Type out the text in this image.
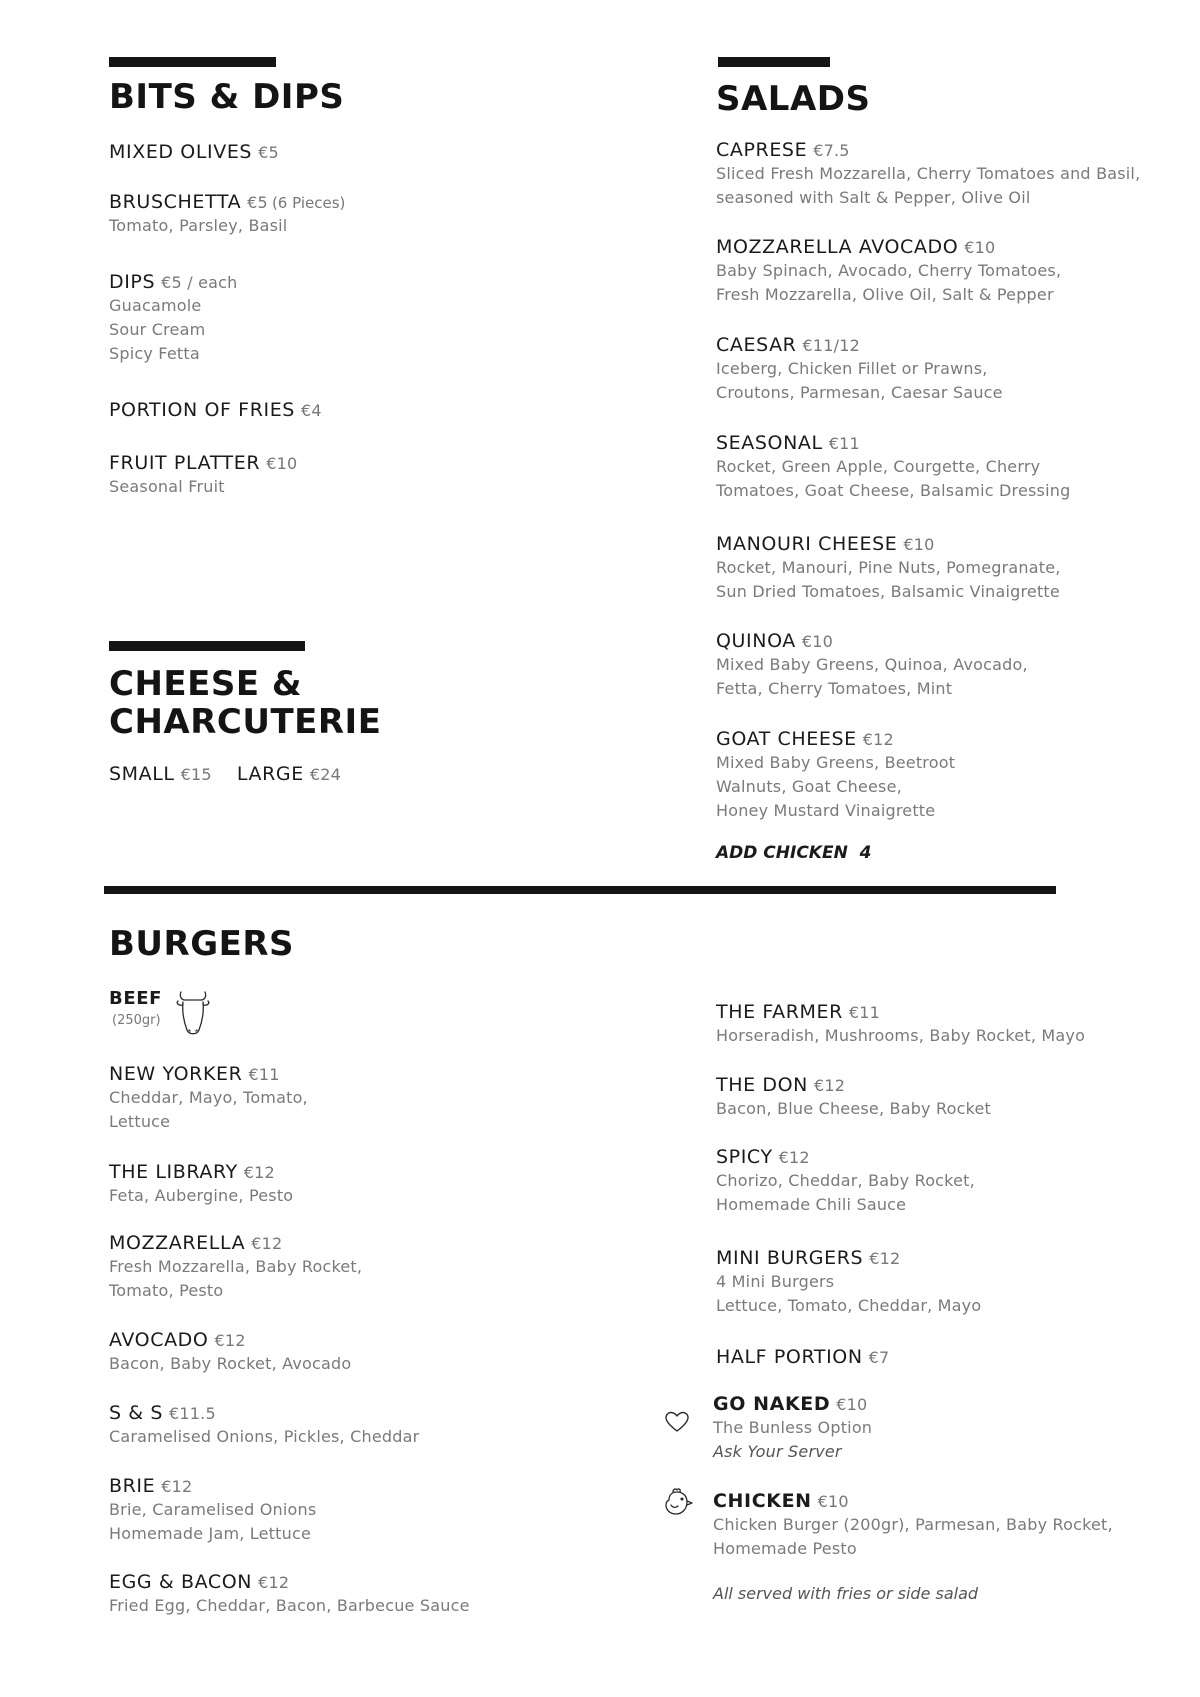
BITS & DIPS
MIXED OLIVES €5
BRUSCHETTA €5 (6 Pieces)
Tomato, Parsley, Basil
DIPS €5 / each
Guacamole
Sour Cream
Spicy Fetta
PORTION OF FRIES €4
FRUIT PLATTER €10
Seasonal Fruit
CHEESE &
CHARCUTERIE
SMALL €15 LARGE €24
SALADS
CAPRESE €7.5
Sliced Fresh Mozzarella, Cherry Tomatoes and Basil,
seasoned with Salt & Pepper, Olive Oil
MOZZARELLA AVOCADO €10
Baby Spinach, Avocado, Cherry Tomatoes,
Fresh Mozzarella, Olive Oil, Salt & Pepper
CAESAR €11/12
Iceberg, Chicken Fillet or Prawns,
Croutons, Parmesan, Caesar Sauce
SEASONAL €11
Rocket, Green Apple, Courgette, Cherry
Tomatoes, Goat Cheese, Balsamic Dressing
MANOURI CHEESE €10
Rocket, Manouri, Pine Nuts, Pomegranate,
Sun Dried Tomatoes, Balsamic Vinaigrette
QUINOA €10
Mixed Baby Greens, Quinoa, Avocado,
Fetta, Cherry Tomatoes, Mint
GOAT CHEESE €12
Mixed Baby Greens, Beetroot
Walnuts, Goat Cheese,
Honey Mustard Vinaigrette
ADD CHICKEN  4
BURGERS
BEEF
(250gr)
NEW YORKER €11
Cheddar, Mayo, Tomato,
Lettuce
THE LIBRARY €12
Feta, Aubergine, Pesto
MOZZARELLA €12
Fresh Mozzarella, Baby Rocket,
Tomato, Pesto
AVOCADO €12
Bacon, Baby Rocket, Avocado
S & S €11.5
Caramelised Onions, Pickles, Cheddar
BRIE €12
Brie, Caramelised Onions
Homemade Jam, Lettuce
EGG & BACON €12
Fried Egg, Cheddar, Bacon, Barbecue Sauce
THE FARMER €11
Horseradish, Mushrooms, Baby Rocket, Mayo
THE DON €12
Bacon, Blue Cheese, Baby Rocket
SPICY €12
Chorizo, Cheddar, Baby Rocket,
Homemade Chili Sauce
MINI BURGERS €12
4 Mini Burgers
Lettuce, Tomato, Cheddar, Mayo
HALF PORTION €7
GO NAKED €10
The Bunless Option
Ask Your Server
CHICKEN €10
Chicken Burger (200gr), Parmesan, Baby Rocket,
Homemade Pesto
All served with fries or side salad
